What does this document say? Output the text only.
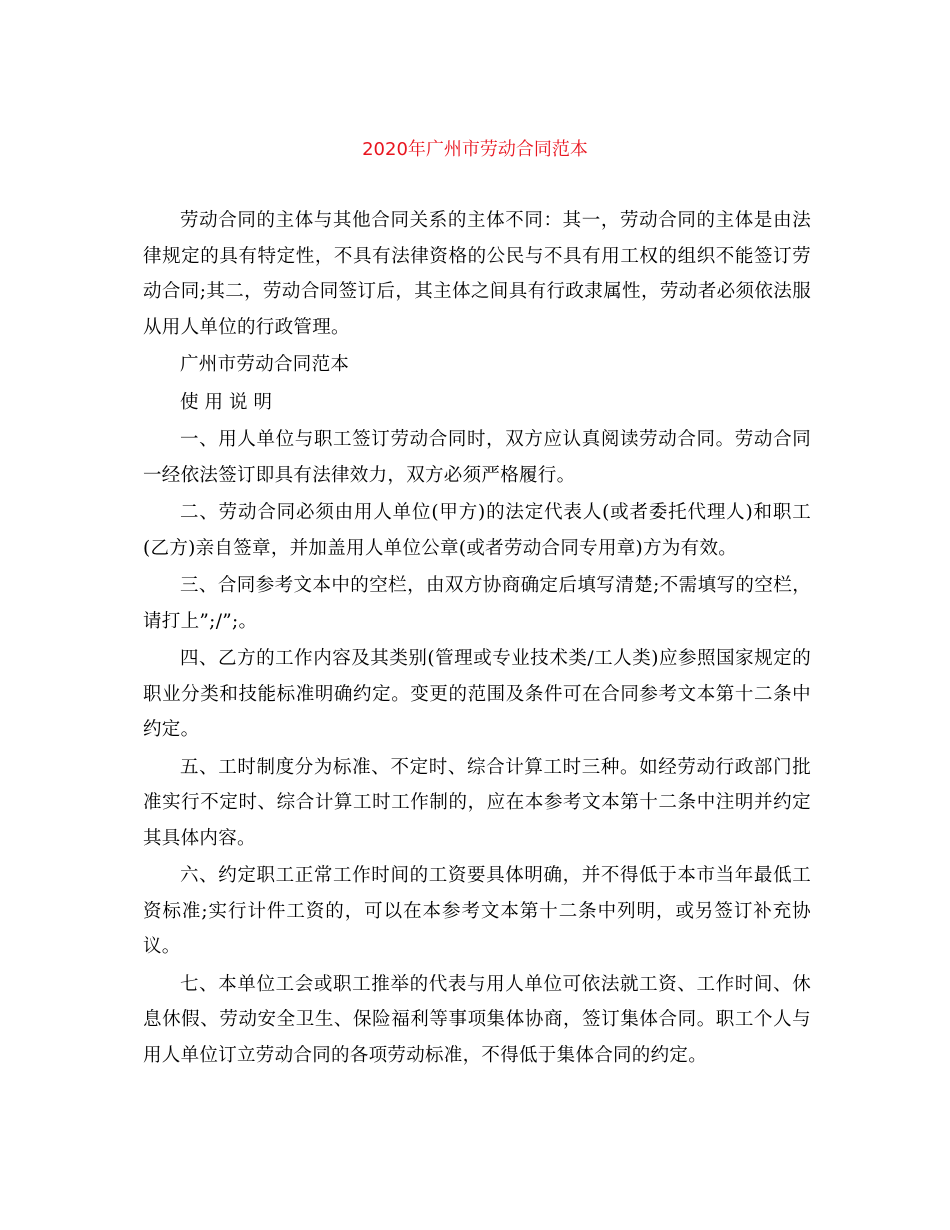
2020年广州市劳动合同范本

劳动合同的主体与其他合同关系的主体不同：其一，劳动合同的主体是由法律规定的具有特定性，不具有法律资格的公民与不具有用工权的组织不能签订劳动合同;其二，劳动合同签订后，其主体之间具有行政隶属性，劳动者必须依法服从用人单位的行政管理。

广州市劳动合同范本

使用说明

一、用人单位与职工签订劳动合同时，双方应认真阅读劳动合同。劳动合同一经依法签订即具有法律效力，双方必须严格履行。

二、劳动合同必须由用人单位(甲方)的法定代表人(或者委托代理人)和职工(乙方)亲自签章，并加盖用人单位公章(或者劳动合同专用章)方为有效。

三、合同参考文本中的空栏，由双方协商确定后填写清楚;不需填写的空栏，请打上”;/”;。

四、乙方的工作内容及其类别(管理或专业技术类/工人类)应参照国家规定的职业分类和技能标准明确约定。变更的范围及条件可在合同参考文本第十二条中约定。

五、工时制度分为标准、不定时、综合计算工时三种。如经劳动行政部门批准实行不定时、综合计算工时工作制的，应在本参考文本第十二条中注明并约定其具体内容。

六、约定职工正常工作时间的工资要具体明确，并不得低于本市当年最低工资标准;实行计件工资的，可以在本参考文本第十二条中列明，或另签订补充协议。

七、本单位工会或职工推举的代表与用人单位可依法就工资、工作时间、休息休假、劳动安全卫生、保险福利等事项集体协商，签订集体合同。职工个人与用人单位订立劳动合同的各项劳动标准，不得低于集体合同的约定。
